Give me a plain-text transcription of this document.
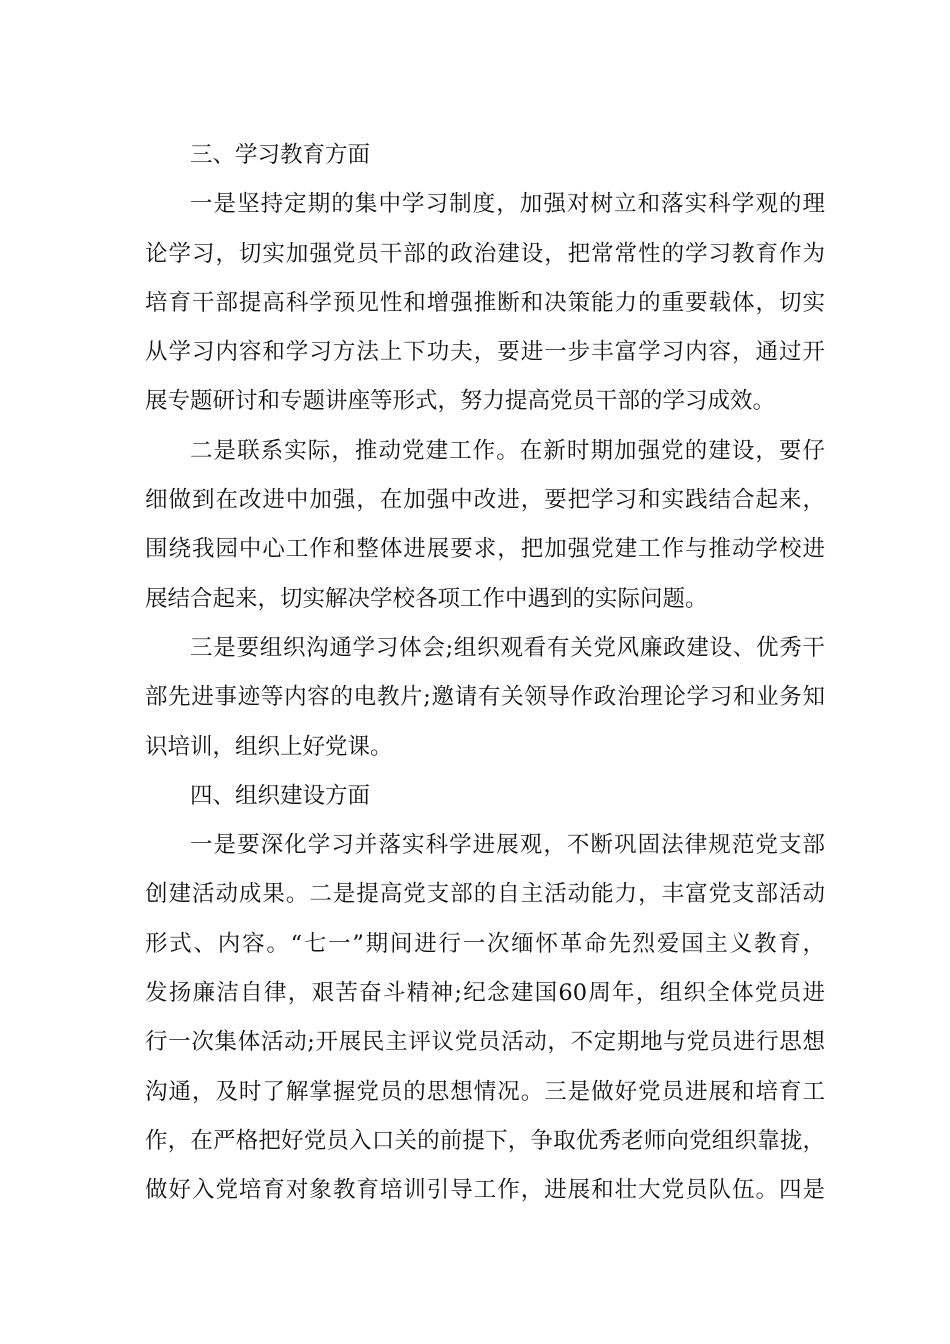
三、学习教育方面
一是坚持定期的集中学习制度，加强对树立和落实科学观的理
论学习，切实加强党员干部的政治建设，把常常性的学习教育作为
培育干部提高科学预见性和增强推断和决策能力的重要载体，切实
从学习内容和学习方法上下功夫，要进一步丰富学习内容，通过开
展专题研讨和专题讲座等形式，努力提高党员干部的学习成效。
二是联系实际，推动党建工作。在新时期加强党的建设，要仔
细做到在改进中加强，在加强中改进，要把学习和实践结合起来，
围绕我园中心工作和整体进展要求，把加强党建工作与推动学校进
展结合起来，切实解决学校各项工作中遇到的实际问题。
三是要组织沟通学习体会;组织观看有关党风廉政建设、优秀干
部先进事迹等内容的电教片;邀请有关领导作政治理论学习和业务知
识培训，组织上好党课。
四、组织建设方面
一是要深化学习并落实科学进展观，不断巩固法律规范党支部
创建活动成果。二是提高党支部的自主活动能力，丰富党支部活动
形式、内容。“七一”期间进行一次缅怀革命先烈爱国主义教育，
发扬廉洁自律，艰苦奋斗精神;纪念建国60周年，组织全体党员进
行一次集体活动;开展民主评议党员活动，不定期地与党员进行思想
沟通，及时了解掌握党员的思想情况。三是做好党员进展和培育工
作，在严格把好党员入口关的前提下，争取优秀老师向党组织靠拢，
做好入党培育对象教育培训引导工作，进展和壮大党员队伍。四是
